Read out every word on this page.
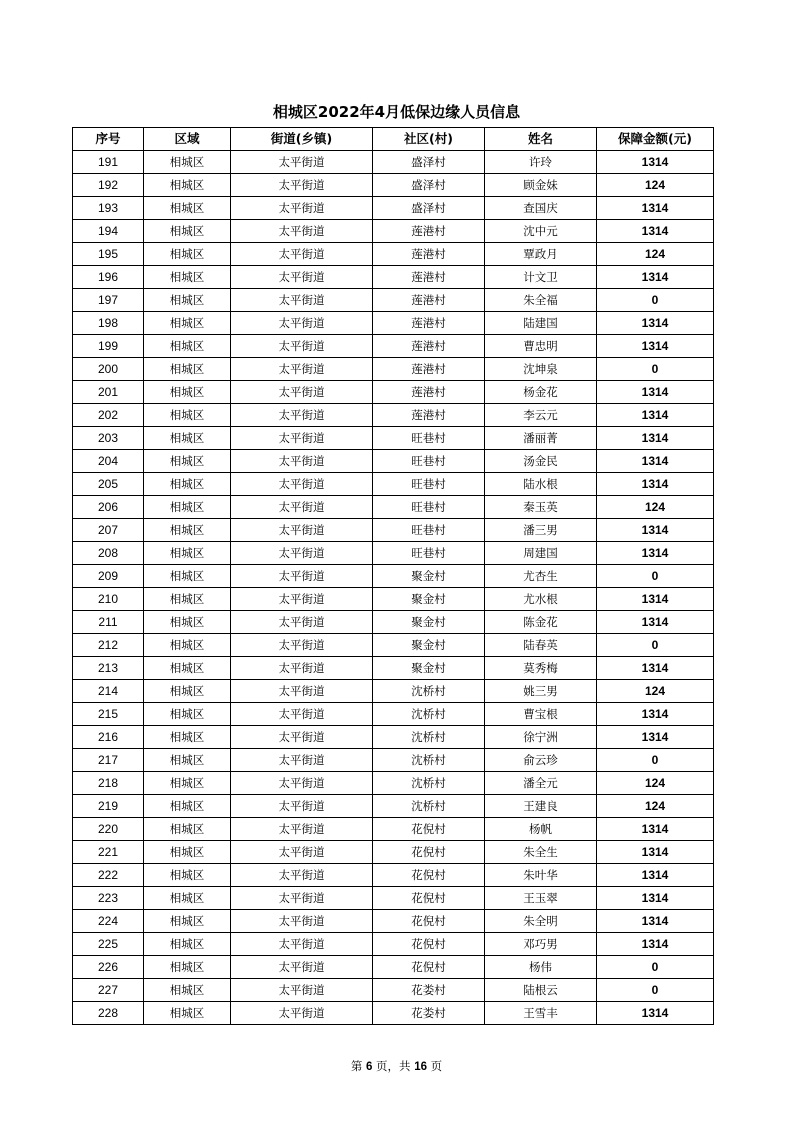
相城区2022年4月低保边缘人员信息
序号	区域	街道(乡镇)	社区(村)	姓名	保障金额(元)
191	相城区	太平街道	盛泽村	许玲	1314
192	相城区	太平街道	盛泽村	顾金妹	124
193	相城区	太平街道	盛泽村	查国庆	1314
194	相城区	太平街道	莲港村	沈中元	1314
195	相城区	太平街道	莲港村	覃政月	124
196	相城区	太平街道	莲港村	计文卫	1314
197	相城区	太平街道	莲港村	朱全福	0
198	相城区	太平街道	莲港村	陆建国	1314
199	相城区	太平街道	莲港村	曹忠明	1314
200	相城区	太平街道	莲港村	沈坤泉	0
201	相城区	太平街道	莲港村	杨金花	1314
202	相城区	太平街道	莲港村	李云元	1314
203	相城区	太平街道	旺巷村	潘丽菁	1314
204	相城区	太平街道	旺巷村	汤金民	1314
205	相城区	太平街道	旺巷村	陆水根	1314
206	相城区	太平街道	旺巷村	秦玉英	124
207	相城区	太平街道	旺巷村	潘三男	1314
208	相城区	太平街道	旺巷村	周建国	1314
209	相城区	太平街道	聚金村	尤杏生	0
210	相城区	太平街道	聚金村	尤水根	1314
211	相城区	太平街道	聚金村	陈金花	1314
212	相城区	太平街道	聚金村	陆春英	0
213	相城区	太平街道	聚金村	莫秀梅	1314
214	相城区	太平街道	沈桥村	姚三男	124
215	相城区	太平街道	沈桥村	曹宝根	1314
216	相城区	太平街道	沈桥村	徐宁洲	1314
217	相城区	太平街道	沈桥村	俞云珍	0
218	相城区	太平街道	沈桥村	潘全元	124
219	相城区	太平街道	沈桥村	王建良	124
220	相城区	太平街道	花倪村	杨帆	1314
221	相城区	太平街道	花倪村	朱全生	1314
222	相城区	太平街道	花倪村	朱叶华	1314
223	相城区	太平街道	花倪村	王玉翠	1314
224	相城区	太平街道	花倪村	朱全明	1314
225	相城区	太平街道	花倪村	邓巧男	1314
226	相城区	太平街道	花倪村	杨伟	0
227	相城区	太平街道	花娄村	陆根云	0
228	相城区	太平街道	花娄村	王雪丰	1314
第 6 页，共 16 页
